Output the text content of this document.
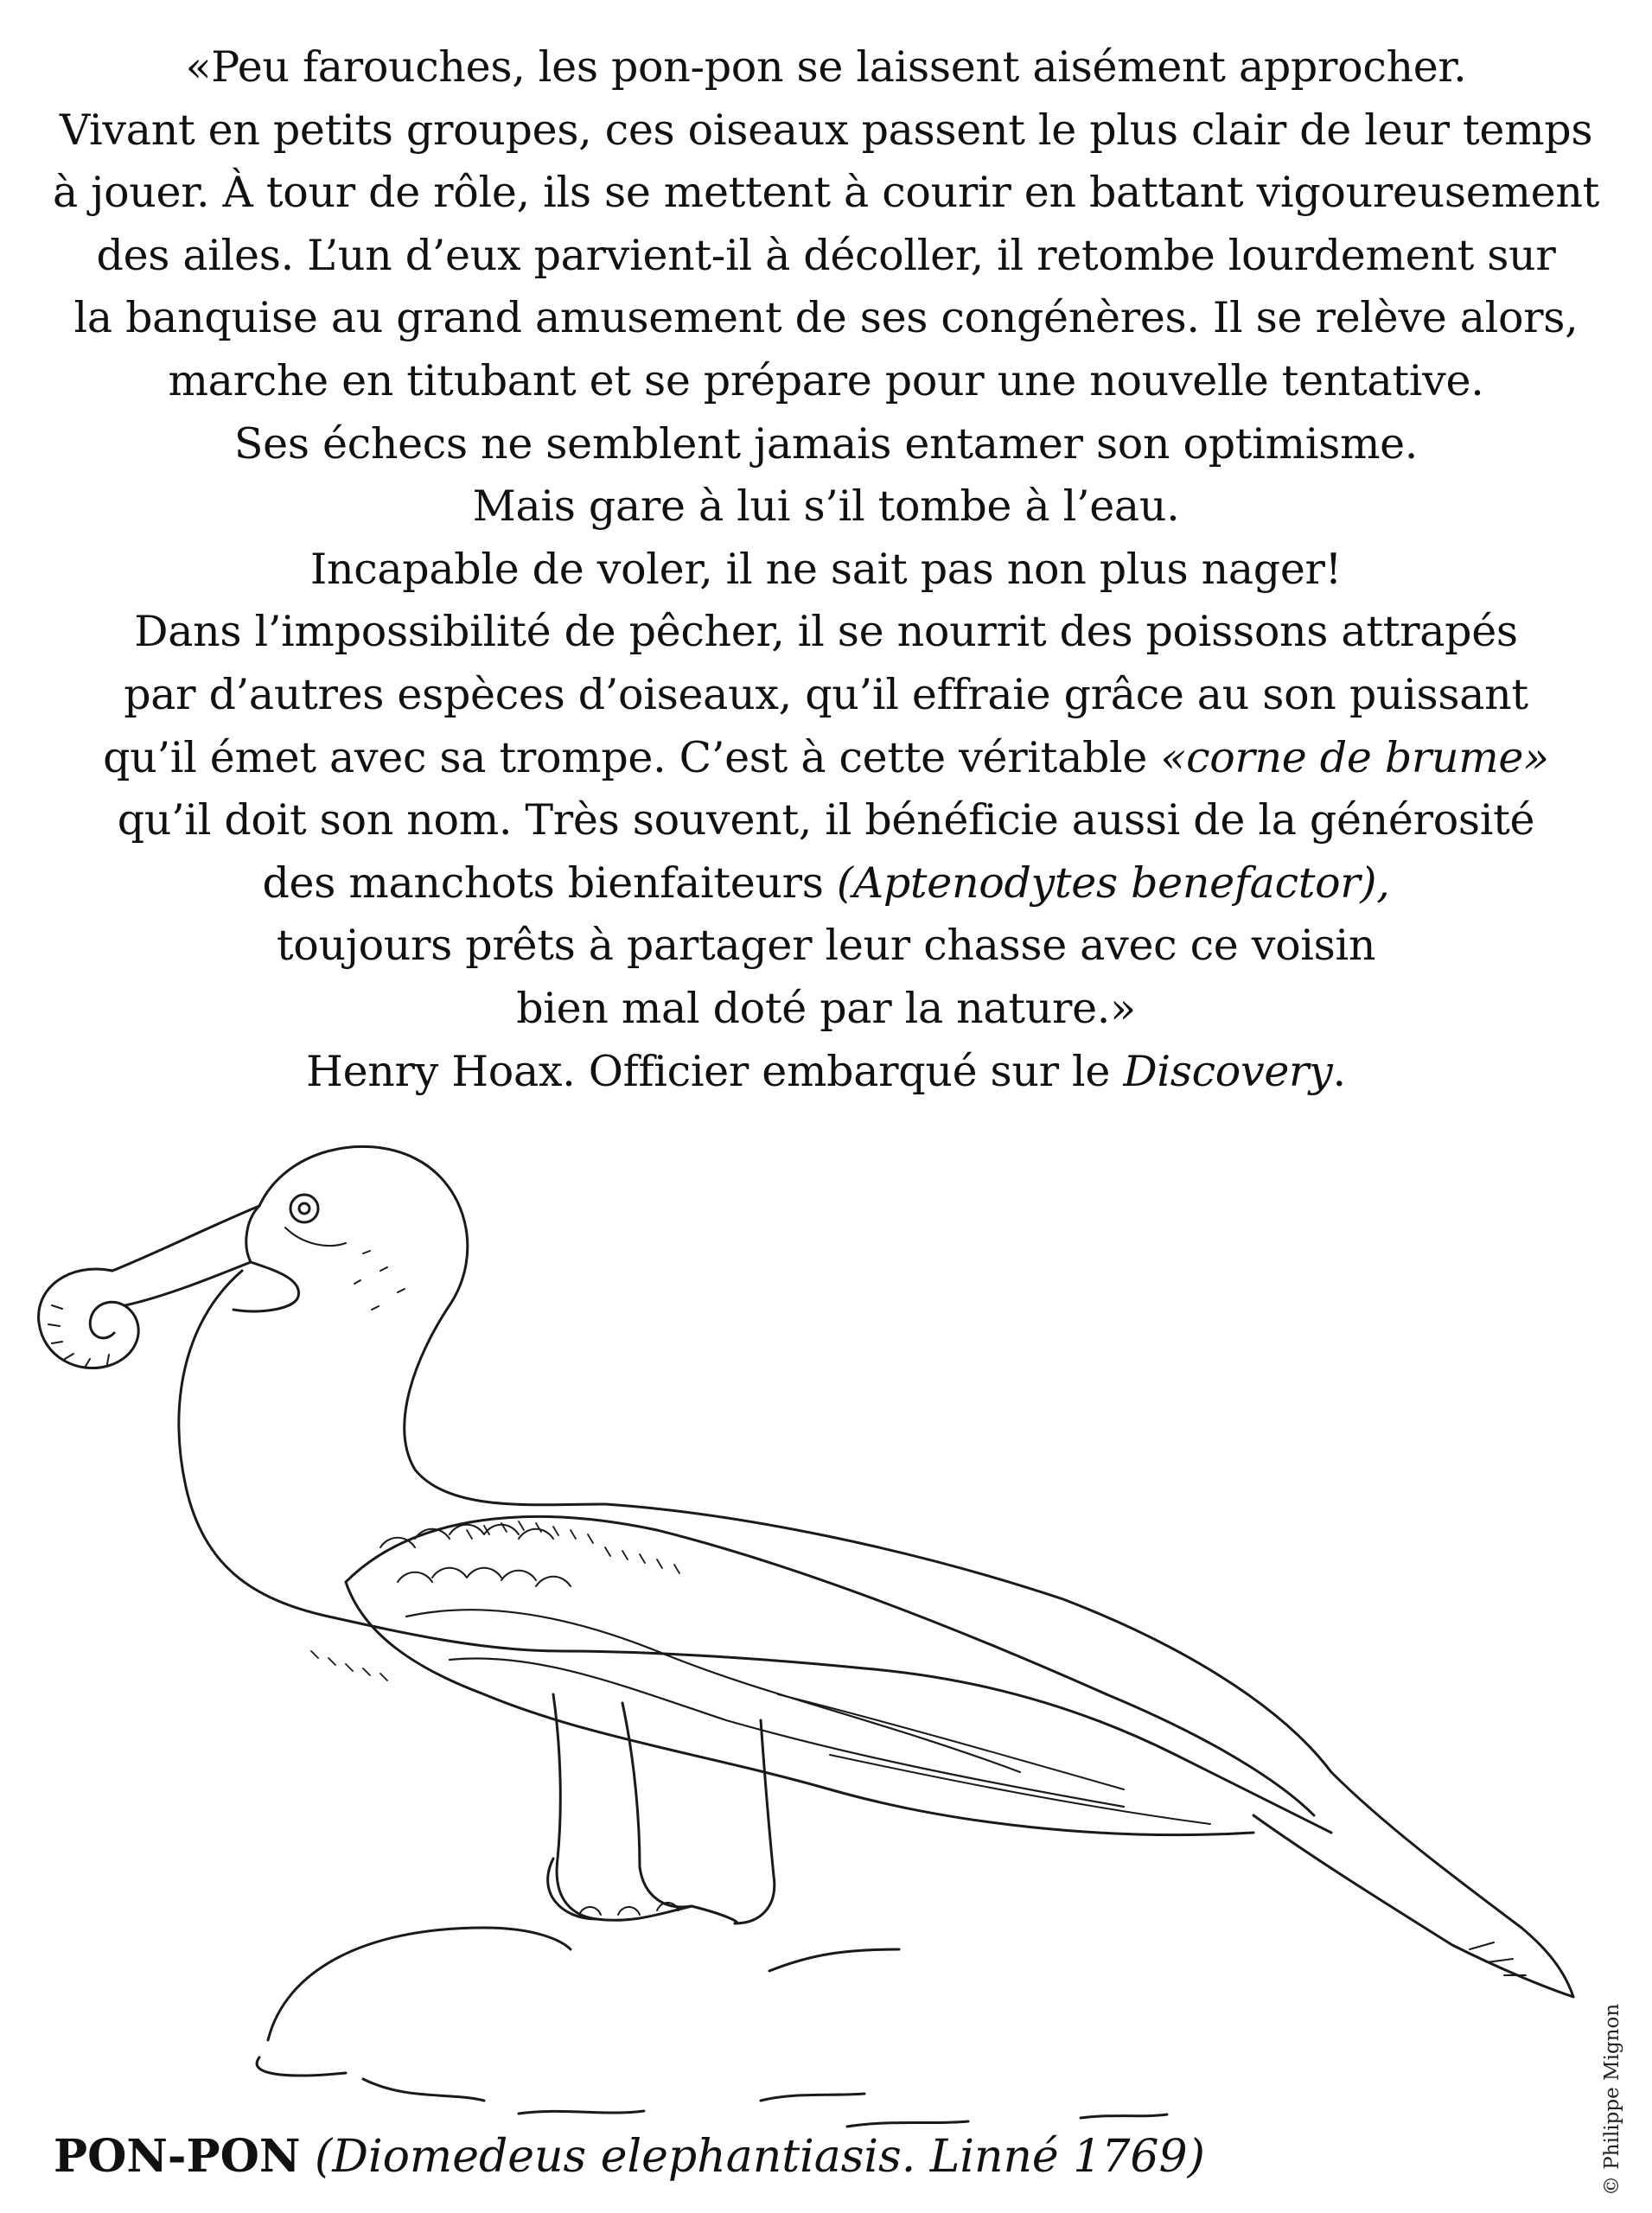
«Peu farouches, les pon-pon se laissent aisément approcher.
Vivant en petits groupes, ces oiseaux passent le plus clair de leur temps
à jouer. À tour de rôle, ils se mettent à courir en battant vigoureusement
des ailes. L’un d’eux parvient-il à décoller, il retombe lourdement sur
la banquise au grand amusement de ses congénères. Il se relève alors,
marche en titubant et se prépare pour une nouvelle tentative.
Ses échecs ne semblent jamais entamer son optimisme.
Mais gare à lui s’il tombe à l’eau.
Incapable de voler, il ne sait pas non plus nager!
Dans l’impossibilité de pêcher, il se nourrit des poissons attrapés
par d’autres espèces d’oiseaux, qu’il effraie grâce au son puissant
qu’il émet avec sa trompe. C’est à cette véritable «corne de brume»
qu’il doit son nom. Très souvent, il bénéficie aussi de la générosité
des manchots bienfaiteurs (Aptenodytes benefactor),
toujours prêts à partager leur chasse avec ce voisin
bien mal doté par la nature.»
Henry Hoax. Officier embarqué sur le Discovery.
PON-PON (Diomedeus elephantiasis. Linné 1769)	© Philippe Mignon
